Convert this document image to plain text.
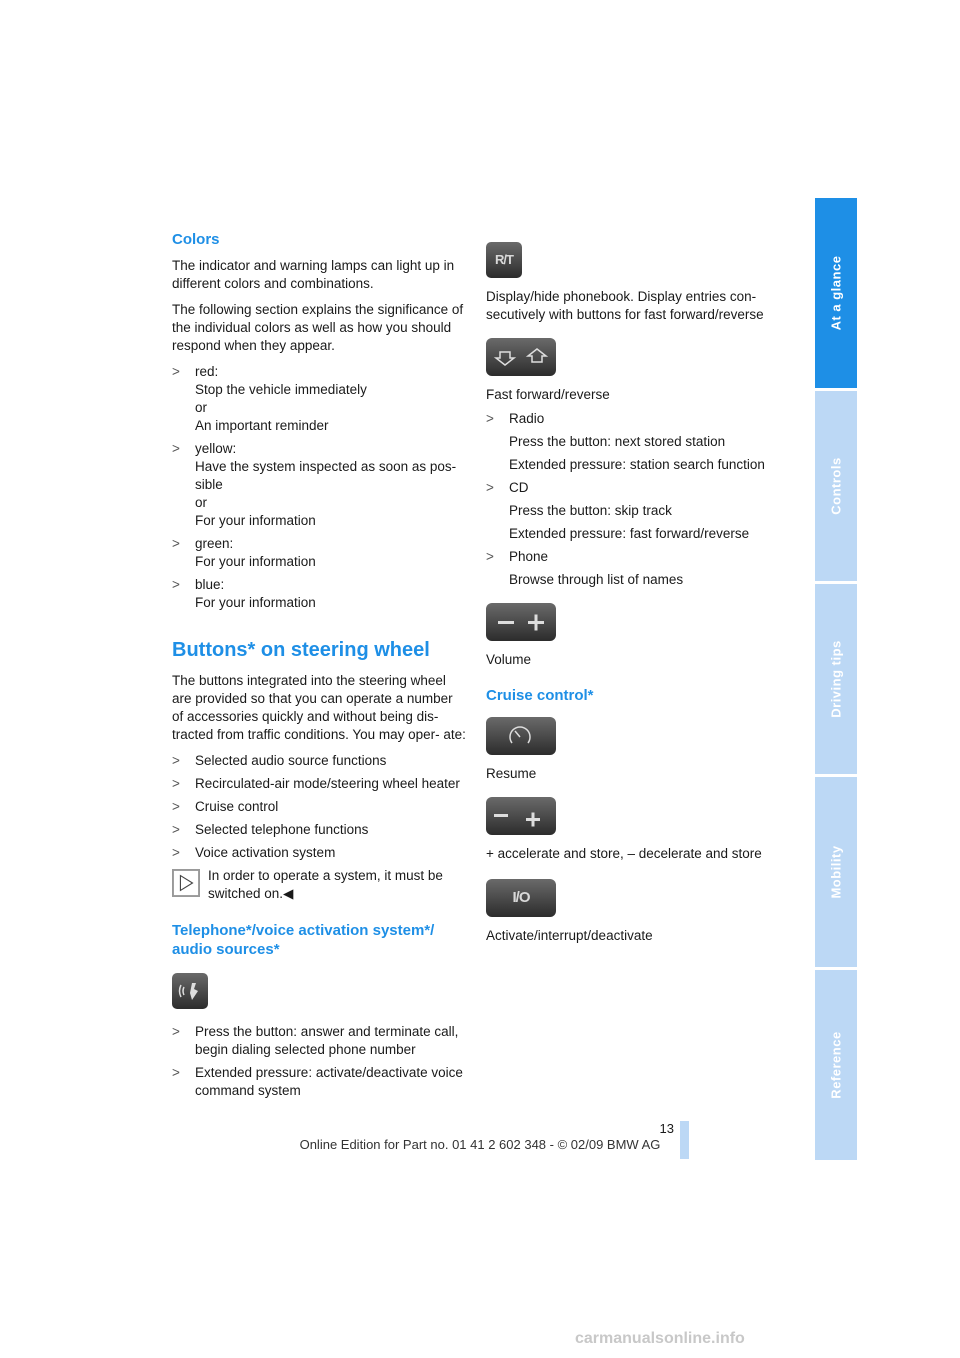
At a glance
Controls
Driving tips
Mobility
Reference
Colors

The indicator and warning lamps can light up in different colors and combinations.

The following section explains the significance of the individual colors as well as how you should respond when they appear.

> red:
Stop the vehicle immediately
or
An important reminder
> yellow:
Have the system inspected as soon as pos-
sible
or
For your information
> green:
For your information
> blue:
For your information
Buttons* on steering wheel

The buttons integrated into the steering wheel are provided so that you can operate a number of accessories quickly and without being dis- tracted from traffic conditions. You may oper- ate:

> Selected audio source functions
> Recirculated-air mode/steering wheel heater
> Cruise control
> Selected telephone functions
> Voice activation system
In order to operate a system, it must be switched on.◀
Telephone*/voice activation system*/ audio sources*
> Press the button: answer and terminate call, begin dialing selected phone number
> Extended pressure: activate/deactivate voice command system
R/T

Display/hide phonebook. Display entries con- secutively with buttons for fast forward/reverse

Fast forward/reverse

> Radio
Press the button: next stored station
Extended pressure: station search function
> CD
Press the button: skip track
Extended pressure: fast forward/reverse
> Phone
Browse through list of names

Volume

Cruise control*

Resume

+ accelerate and store, – decelerate and store

I/O

Activate/interrupt/deactivate

13
Online Edition for Part no. 01 41 2 602 348 - © 02/09 BMW AG
carmanualsonline.info
